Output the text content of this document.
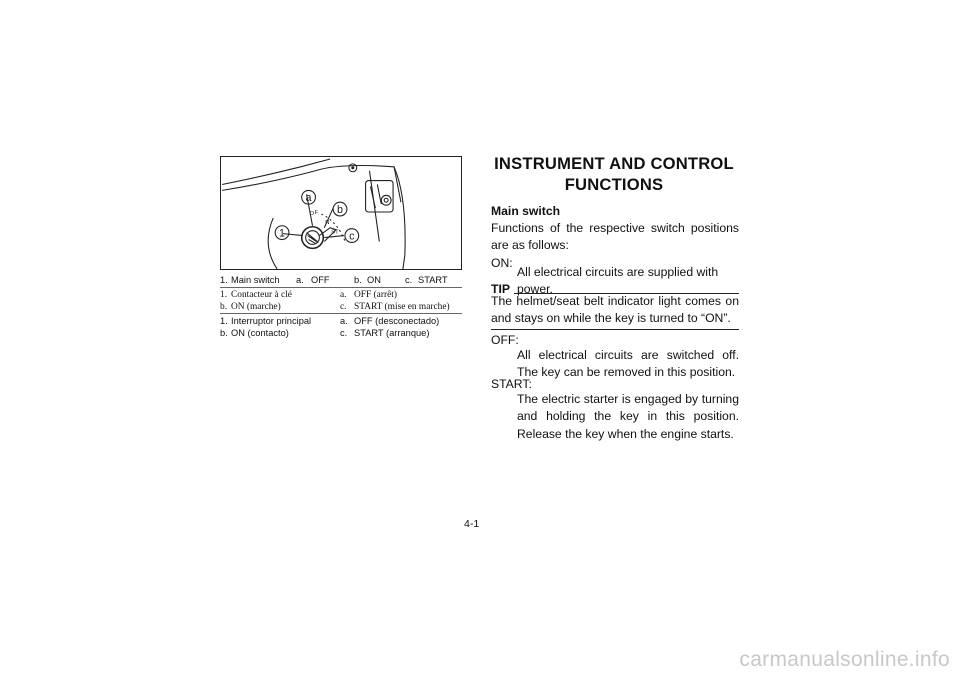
O F
N
ST
a
b
c
1
1. Main switch a. OFF	b. ON	c. START
1. Contacteur à clé	a. OFF (arrêt)
b. ON (marche)	c. START (mise en marche)
1. Interruptor principal	a. OFF (desconectado)
b. ON (contacto)	c. START (arranque)
INSTRUMENT AND CONTROL
FUNCTIONS
Main switch
Functions of the respective switch positions are as follows:
ON:
All electrical circuits are supplied with power.
TIP
The helmet/seat belt indicator light comes on and stays on while the key is turned to “ON”.
OFF:
All electrical circuits are switched off. The key can be removed in this position.
START:
The electric starter is engaged by turning and holding the key in this position. Release the key when the engine starts.
4-1
carmanualsonline.info
